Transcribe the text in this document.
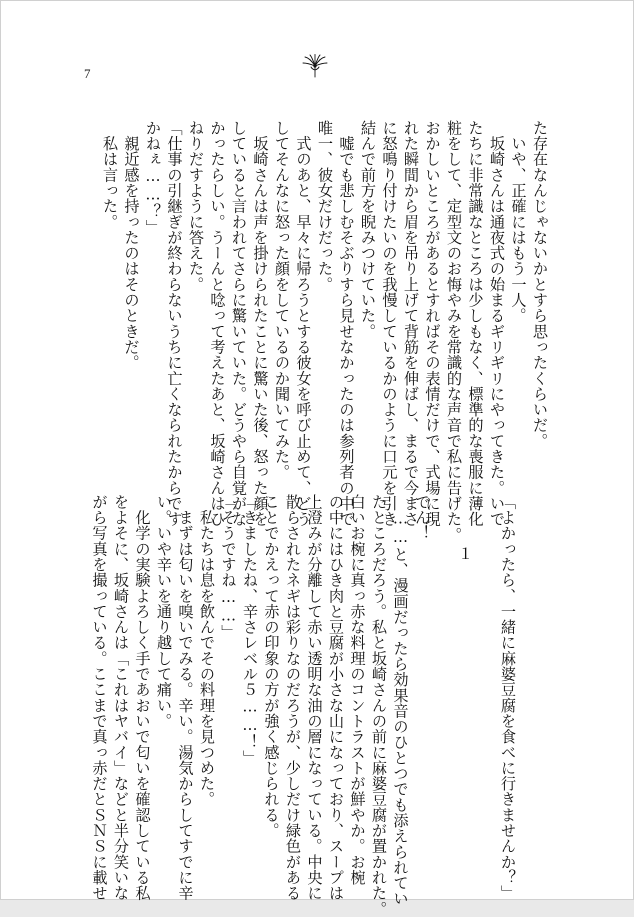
7
た存在なんじゃないかとすら思ったくらいだ。
　いや、正確にはもう一人。
　坂崎さんは通夜式の始まるギリギリにやってきた。いで
たちに非常識なところは少しもなく、標準的な喪服に薄化
粧をして、定型文のお悔やみを常識的な声音で私に告げた。
おかしいところがあるとすればその表情だけで、式場に現
れた瞬間から眉を吊り上げて背筋を伸ばし、まるで今まさ
に怒鳴り付けたいのを我慢しているかのように口元を引き
結んで前方を睨みつけていた。
　嘘でも悲しむそぶりすら見せなかったのは参列者の中で
唯一、彼女だけだった。
　式のあと、早々に帰ろうとする彼女を呼び止めて、どう
してそんなに怒った顔をしているのか聞いてみた。
　坂崎さんは声を掛けられたことに驚いた後、怒った顔を
していると言われてさらに驚いていた。どうやら自覚がな
かったらしい。うーんと唸って考えたあと、坂崎さんはひ
ねりだすように答えた。
「仕事の引継ぎが終わらないうちに亡くなられたからです
かねぇ……？」
　親近感を持ったのはそのときだ。
　私は言った。
「よかったら、一緒に麻婆豆腐を食べに行きませんか？」

１

でん！
　……と、漫画だったら効果音のひとつでも添えられてい
たところだろう。私と坂崎さんの前に麻婆豆腐が置かれた。
白いお椀に真っ赤な料理のコントラストが鮮やか。お椀
の中にはひき肉と豆腐が小さな山になっており、スープは
上澄みが分離して赤い透明な油の層になっている。中央に
散らされたネギは彩りなのだろうが、少しだけ緑色がある
ことでかえって赤の印象の方が強く感じられる。
「きましたね、辛さレベル５……！」
「そうですね……」
　私たちは息を飲んでその料理を見つめた。
　まずは匂いを嗅いでみる。辛い。湯気からしてすでに辛
い。いや辛いを通り越して痛い。
　化学の実験よろしく手であおいで匂いを確認している私
をよそに、坂崎さんは「これはヤバイ」などと半分笑いな
がら写真を撮っている。ここまで真っ赤だとＳＮＳに載せ
